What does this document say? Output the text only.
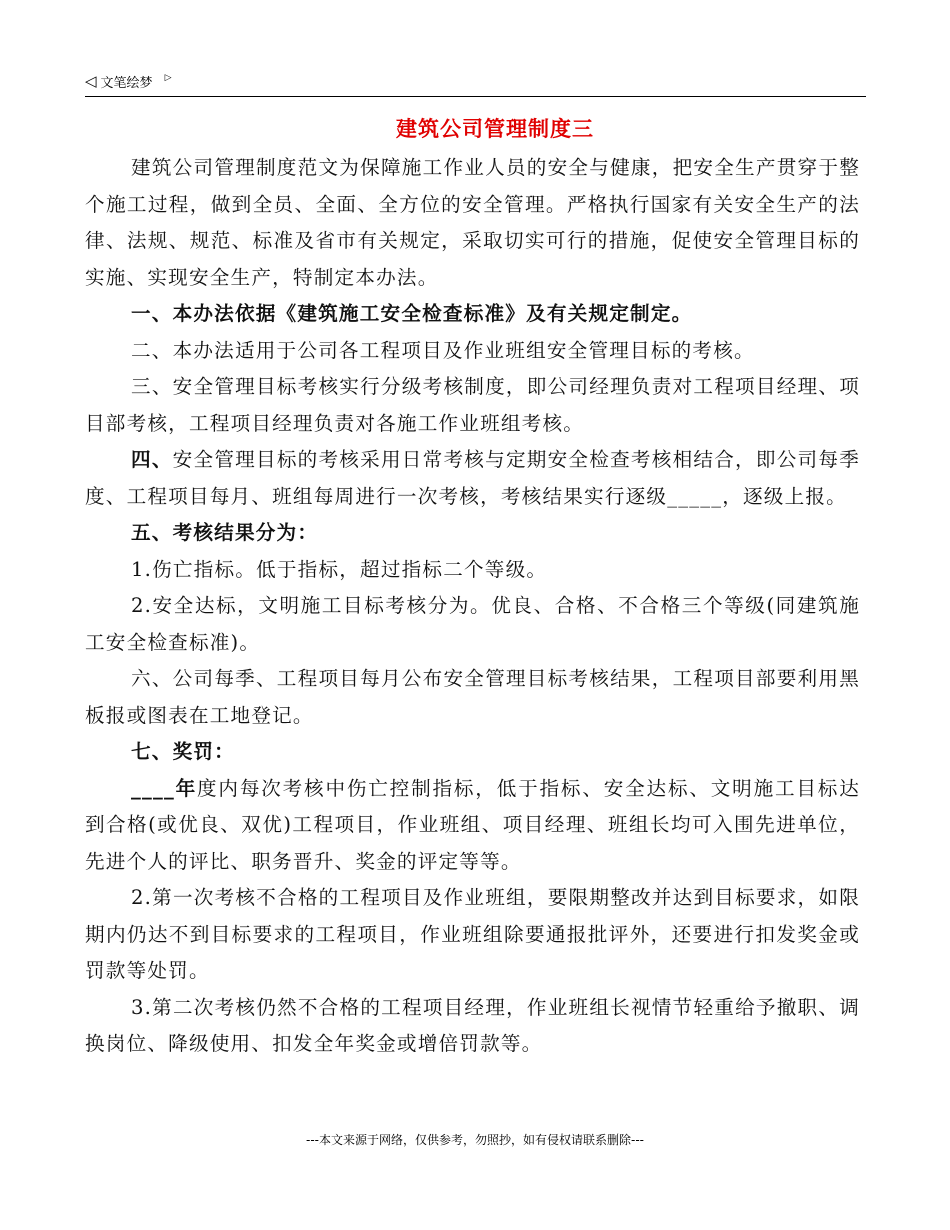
◁ 文笔绘梦 ▷
建筑公司管理制度三

建筑公司管理制度范文为保障施工作业人员的安全与健康，把安全生产贯穿于整个施工过程，做到全员、全面、全方位的安全管理。严格执行国家有关安全生产的法律、法规、规范、标准及省市有关规定，采取切实可行的措施，促使安全管理目标的实施、实现安全生产，特制定本办法。

一、本办法依据《建筑施工安全检查标准》及有关规定制定。

二、本办法适用于公司各工程项目及作业班组安全管理目标的考核。

三、安全管理目标考核实行分级考核制度，即公司经理负责对工程项目经理、项目部考核，工程项目经理负责对各施工作业班组考核。

四、安全管理目标的考核采用日常考核与定期安全检查考核相结合，即公司每季度、工程项目每月、班组每周进行一次考核，考核结果实行逐级_____，逐级上报。

五、考核结果分为：

1.伤亡指标。低于指标，超过指标二个等级。

2.安全达标，文明施工目标考核分为。优良、合格、不合格三个等级(同建筑施工安全检查标准)。

六、公司每季、工程项目每月公布安全管理目标考核结果，工程项目部要利用黑板报或图表在工地登记。

七、奖罚：

____年度内每次考核中伤亡控制指标，低于指标、安全达标、文明施工目标达到合格(或优良、双优)工程项目，作业班组、项目经理、班组长均可入围先进单位，先进个人的评比、职务晋升、奖金的评定等等。

2.第一次考核不合格的工程项目及作业班组，要限期整改并达到目标要求，如限期内仍达不到目标要求的工程项目，作业班组除要通报批评外，还要进行扣发奖金或罚款等处罚。

3.第二次考核仍然不合格的工程项目经理，作业班组长视情节轻重给予撤职、调换岗位、降级使用、扣发全年奖金或增倍罚款等。

---本文来源于网络，仅供参考，勿照抄，如有侵权请联系删除---
